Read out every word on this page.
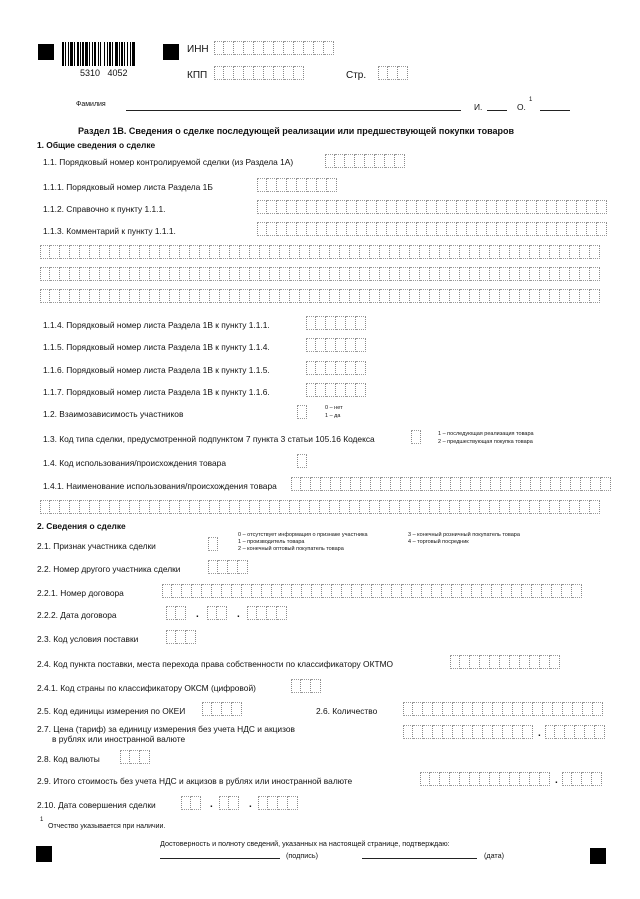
5310   4052
ИНН
КПП	Стр.
Фамилия	И.	О.
1
Раздел 1В. Сведения о сделке последующей реализации или предшествующей покупки товаров
1. Общие сведения о сделке
1.1. Порядковый номер контролируемой сделки (из Раздела 1А)
1.1.1. Порядковый номер листа Раздела 1Б
1.1.2. Справочно к пункту 1.1.1.
1.1.3. Комментарий к пункту 1.1.1.
1.1.4. Порядковый номер листа Раздела 1В к пункту 1.1.1.
1.1.5. Порядковый номер листа Раздела 1В к пункту 1.1.4.
1.1.6. Порядковый номер листа Раздела 1В к пункту 1.1.5.
1.1.7. Порядковый номер листа Раздела 1В к пункту 1.1.6.
1.2. Взаимозависимость участников
0 – нет
1 – да
1.3. Код типа сделки, предусмотренной подпунктом 7 пункта 3 статьи 105.16 Кодекса	1 – последующая реализация товара
2 – предшествующая покупка товара
1.4. Код использования/происхождения товара
1.4.1. Наименование использования/происхождения товара
2. Сведения о сделке
2.1. Признак участника сделки
0 – отсутствует информация о признаке участника
1 – производитель товара
2 – конечный оптовый покупатель товара
3 – конечный розничный покупатель товара
4 – торговый посредник
2.2. Номер другого участника сделки
2.2.1. Номер договора
2.2.2. Дата договора	.	.
2.3. Код условия поставки
2.4. Код пункта поставки, места перехода права собственности по классификатору ОКТМО
2.4.1. Код страны по классификатору ОКСМ (цифровой)
2.5. Код единицы измерения по ОКЕИ	2.6. Количество
2.7. Цена (тариф) за единицу измерения без учета НДС и акцизов
в рублях или иностранной валюте	.
2.8. Код валюты
2.9. Итого стоимость без учета НДС и акцизов в рублях или иностранной валюте	.
2.10. Дата совершения сделки	.	.
1
Отчество указывается при наличии.
Достоверность и полноту сведений, указанных на настоящей странице, подтверждаю:
(подпись)	(дата)
